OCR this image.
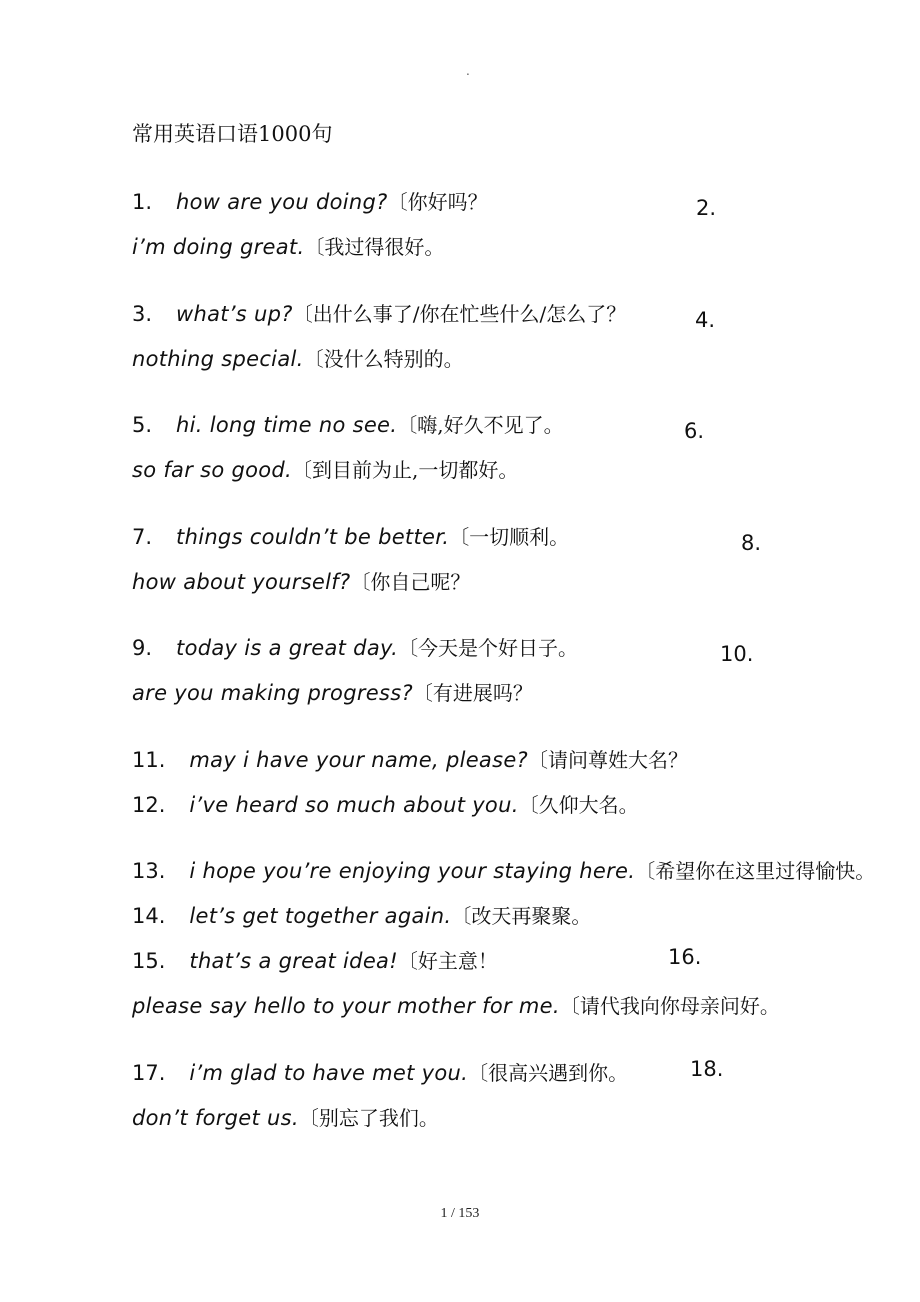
.
常用英语口语1000句
1. how are you doing?〔你好吗？	2.
i’m doing great.〔我过得很好。
3. what’s up?〔出什么事了/你在忙些什么/怎么了？	4.
nothing special.〔没什么特别的。
5. hi. long time no see.〔嗨,好久不见了。	6.
so far so good.〔到目前为止,一切都好。
7. things couldn’t be better.〔一切顺利。	8.
how about yourself?〔你自己呢？
9. today is a great day.〔今天是个好日子。	10.
are you making progress?〔有进展吗？
11. may i have your name, please?〔请问尊姓大名？
12. i’ve heard so much about you.〔久仰大名。
13. i hope you’re enjoying your staying here.〔希望你在这里过得愉快。
14. let’s get together again.〔改天再聚聚。
15. that’s a great idea!〔好主意！	16.
please say hello to your mother for me.〔请代我向你母亲问好。
17. i’m glad to have met you.〔很高兴遇到你。	18.
don’t forget us.〔别忘了我们。
1 / 153
